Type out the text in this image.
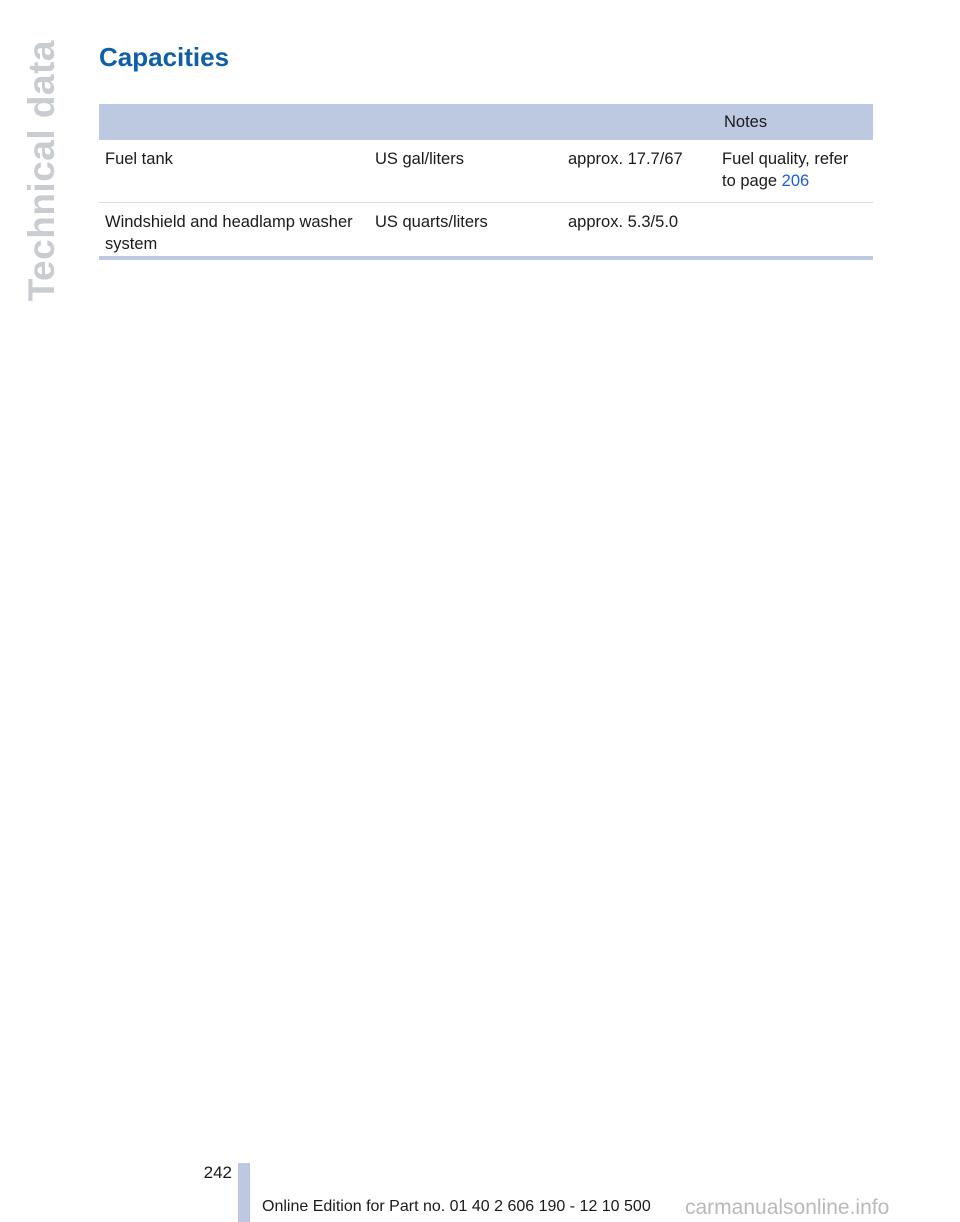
Technical data Capacities
			Notes
Fuel tank	US gal/liters	approx. 17.7/67	Fuel quality, refer to page 206
Windshield and headlamp washer system	US quarts/liters	approx. 5.3/5.0	
242
Online Edition for Part no. 01 40 2 606 190 - 12 10 500 carmanualsonline.info
